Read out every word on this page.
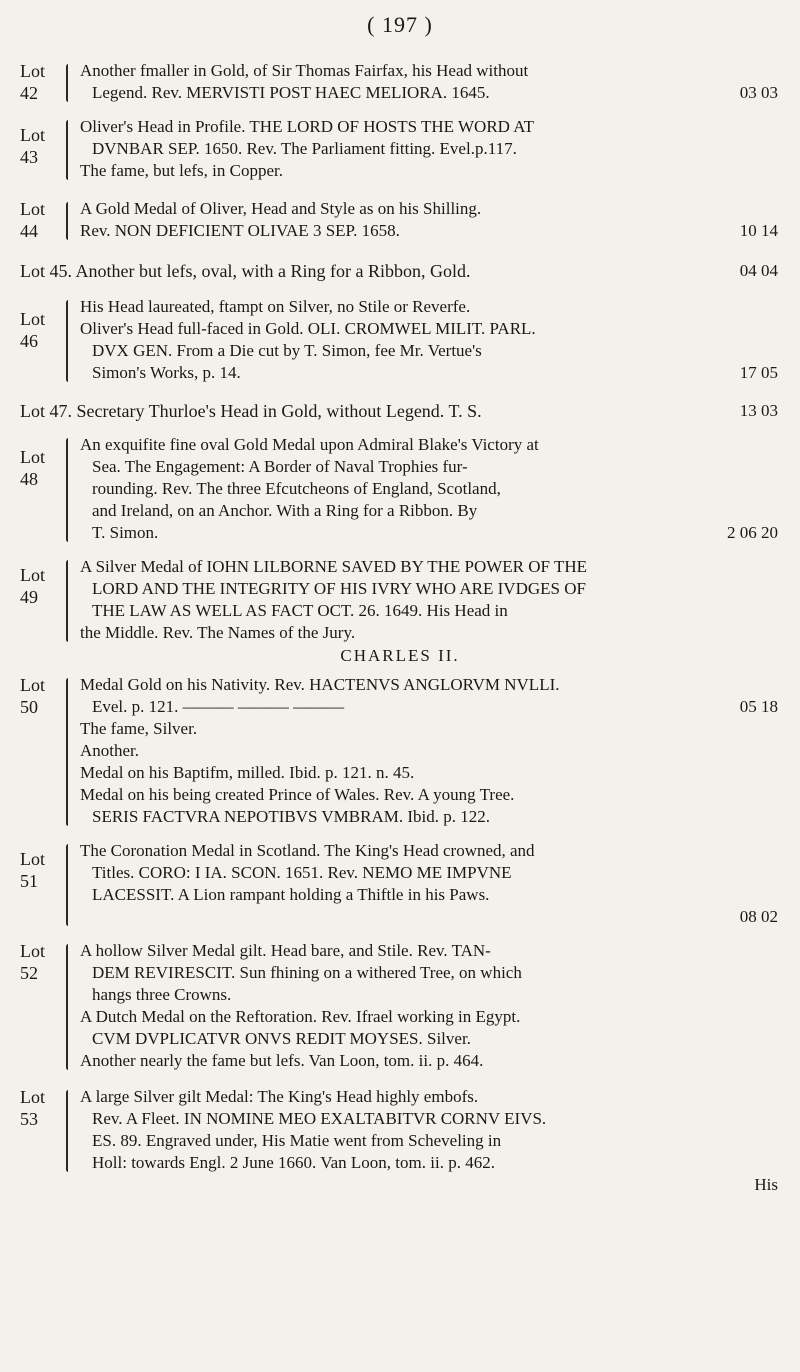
( 197 )
Lot
42
Another fmaller in Gold, of Sir Thomas Fairfax, his Head without
03 03
Legend. Rev. MERVISTI POST HAEC MELIORA. 1645.
Lot
43
Oliver's Head in Profile. THE LORD OF HOSTS THE WORD AT
DVNBAR SEP. 1650. Rev. The Parliament fitting. Evel.p.117.
The fame, but lefs, in Copper.
Lot
44
A Gold Medal of Oliver, Head and Style as on his Shilling.
10 14
Rev. NON DEFICIENT OLIVAE 3 SEP. 1658.
04 04
Lot 45. Another but lefs, oval, with a Ring for a Ribbon, Gold.
Lot
46
His Head laureated, ftampt on Silver, no Stile or Reverfe.
Oliver's Head full-faced in Gold. OLI. CROMWEL MILIT. PARL.
DVX GEN. From a Die cut by T. Simon, fee Mr. Vertue's
17 05
Simon's Works, p. 14.
13 03
Lot 47. Secretary Thurloe's Head in Gold, without Legend. T. S.
Lot
48
An exquifite fine oval Gold Medal upon Admiral Blake's Victory at
Sea. The Engagement: A Border of Naval Trophies fur-
rounding. Rev. The three Efcutcheons of England, Scotland,
and Ireland, on an Anchor. With a Ring for a Ribbon. By
2 06 20
T. Simon.
Lot
49
A Silver Medal of IOHN LILBORNE SAVED BY THE POWER OF THE
LORD AND THE INTEGRITY OF HIS IVRY WHO ARE IVDGES OF
THE LAW AS WELL AS FACT OCT. 26. 1649. His Head in
the Middle. Rev. The Names of the Jury.
CHARLES II.
Lot
50
Medal Gold on his Nativity. Rev. HACTENVS ANGLORVM NVLLI.
05 18
Evel. p. 121. ——— ——— ———
The fame, Silver.
Another.
Medal on his Baptifm, milled. Ibid. p. 121. n. 45.
Medal on his being created Prince of Wales. Rev. A young Tree.
SERIS FACTVRA NEPOTIBVS VMBRAM. Ibid. p. 122.
Lot
51
The Coronation Medal in Scotland. The King's Head crowned, and
Titles. CORO: I IA. SCON. 1651. Rev. NEMO ME IMPVNE
LACESSIT. A Lion rampant holding a Thiftle in his Paws.
08 02

Lot
52
A hollow Silver Medal gilt. Head bare, and Stile. Rev. TAN-
DEM REVIRESCIT. Sun fhining on a withered Tree, on which
hangs three Crowns.
A Dutch Medal on the Reftoration. Rev. Ifrael working in Egypt.
CVM DVPLICATVR ONVS REDIT MOYSES. Silver.
Another nearly the fame but lefs. Van Loon, tom. ii. p. 464.
Lot
53
A large Silver gilt Medal: The King's Head highly embofs.
Rev. A Fleet. IN NOMINE MEO EXALTABITVR CORNV EIVS.
ES. 89. Engraved under, His Matie went from Scheveling in
Holl: towards Engl. 2 June 1660. Van Loon, tom. ii. p. 462.
His
